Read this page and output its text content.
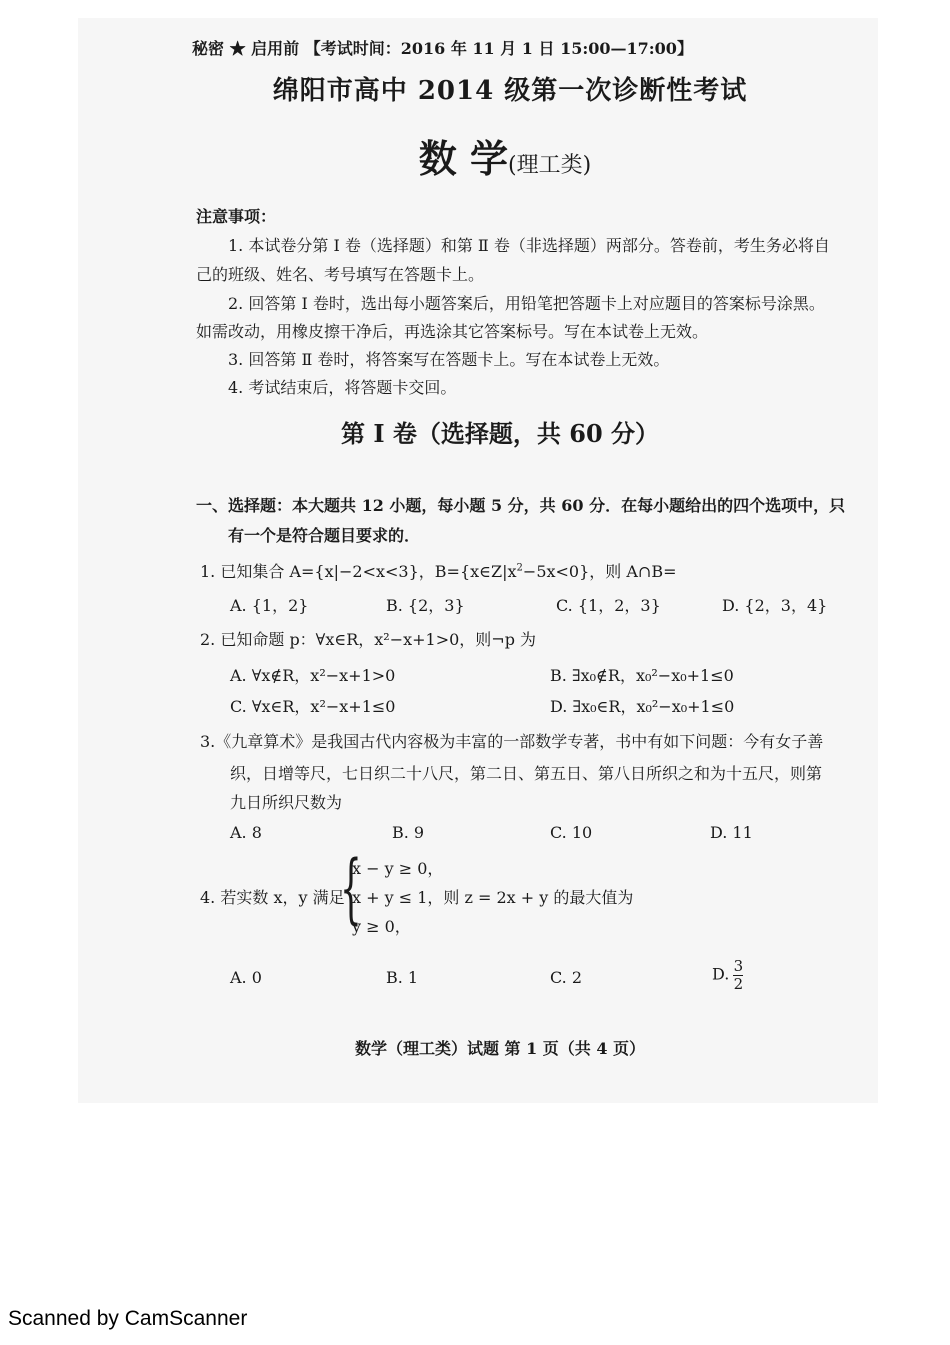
秘密 ★ 启用前 【考试时间：2016 年 11 月 1 日 15:00—17:00】
绵阳市高中 2014 级第一次诊断性考试
数 学(理工类)
注意事项：
1. 本试卷分第 Ⅰ 卷（选择题）和第 Ⅱ 卷（非选择题）两部分。答卷前，考生务必将自
己的班级、姓名、考号填写在答题卡上。
2. 回答第 Ⅰ 卷时，选出每小题答案后，用铅笔把答题卡上对应题目的答案标号涂黑。
如需改动，用橡皮擦干净后，再选涂其它答案标号。写在本试卷上无效。
3. 回答第 Ⅱ 卷时，将答案写在答题卡上。写在本试卷上无效。
4. 考试结束后，将答题卡交回。
第 Ⅰ 卷（选择题，共 60 分）
一、选择题：本大题共 12 小题，每小题 5 分，共 60 分．在每小题给出的四个选项中，只
有一个是符合题目要求的．
1. 已知集合 A={x|−2<x<3}，$B=\{x\in Z|x^2-5x<0\}$，则 A∩B=
A. {1，2}	B. {2，3}	C. {1，2，3}	D. {2，3，4}
2. 已知命题 p：∀x∈R，x²−x+1>0，则¬p 为
A. ∀x∉R，x²−x+1>0	B. ∃x₀∉R，x₀²−x₀+1≤0
C. ∀x∈R，x²−x+1≤0	D. ∃x₀∈R，x₀²−x₀+1≤0
3.《九章算术》是我国古代内容极为丰富的一部数学专著，书中有如下问题：今有女子善
织，日增等尺，七日织二十八尺，第二日、第五日、第八日所织之和为十五尺，则第
九日所织尺数为
A. 8	B. 9	C. 10	D. 11
4. 若实数 x，y 满足
{
x − y ≥ 0，
x + y ≤ 1，则 z = 2x + y 的最大值为
y ≥ 0，
A. 0	B. 1	C. 2	D. $\frac{3}{2}$
数学（理工类）试题 第 1 页（共 4 页）
Scanned by CamScanner
